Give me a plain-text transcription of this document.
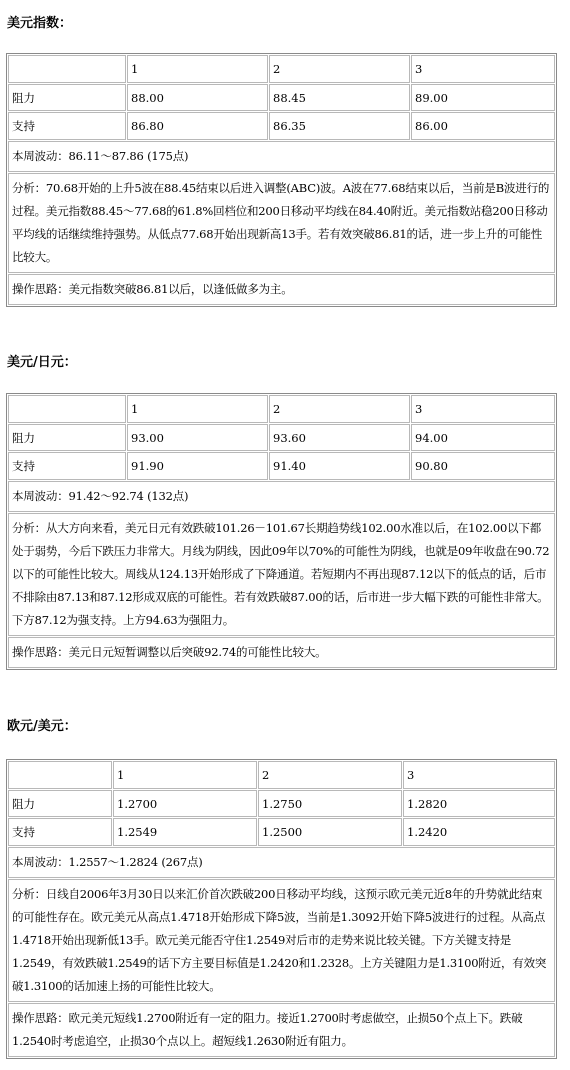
美元指数：
	1	2	3
阻力	88.00	88.45	89.00
支持	86.80	86.35	86.00
本周波动：86.11～87.86 (175点)			
分析：70.68开始的上升5波在88.45结束以后进入调整(ABC)波。A波在77.68结束以后，当前是B波进行的过程。美元指数88.45～77.68的61.8%回档位和200日移动平均线在84.40附近。美元指数站稳200日移动平均线的话继续维持强势。从低点77.68开始出现新高13手。若有效突破86.81的话，进一步上升的可能性比较大。			
操作思路：美元指数突破86.81以后，以逢低做多为主。			
美元/日元：
	1	2	3
阻力	93.00	93.60	94.00
支持	91.90	91.40	90.80
本周波动：91.42～92.74 (132点)			
分析：从大方向来看，美元日元有效跌破101.26－101.67长期趋势线102.00水准以后，在102.00以下都处于弱势，今后下跌压力非常大。月线为阴线，因此09年以70%的可能性为阴线，也就是09年收盘在90.72以下的可能性比较大。周线从124.13开始形成了下降通道。若短期内不再出现87.12以下的低点的话，后市不排除由87.13和87.12形成双底的可能性。若有效跌破87.00的话，后市进一步大幅下跌的可能性非常大。下方87.12为强支持。上方94.63为强阻力。			
操作思路：美元日元短暂调整以后突破92.74的可能性比较大。			
欧元/美元：
	1	2	3
阻力	1.2700	1.2750	1.2820
支持	1.2549	1.2500	1.2420
本周波动：1.2557～1.2824 (267点)			
分析：日线自2006年3月30日以来汇价首次跌破200日移动平均线，这预示欧元美元近8年的升势就此结束的可能性存在。欧元美元从高点1.4718开始形成下降5波，当前是1.3092开始下降5波进行的过程。从高点1.4718开始出现新低13手。欧元美元能否守住1.2549对后市的走势来说比较关键。下方关键支持是1.2549，有效跌破1.2549的话下方主要目标值是1.2420和1.2328。上方关键阻力是1.3100附近，有效突破1.3100的话加速上扬的可能性比较大。			
操作思路：欧元美元短线1.2700附近有一定的阻力。接近1.2700时考虑做空，止损50个点上下。跌破1.2540时考虑追空，止损30个点以上。超短线1.2630附近有阻力。			
